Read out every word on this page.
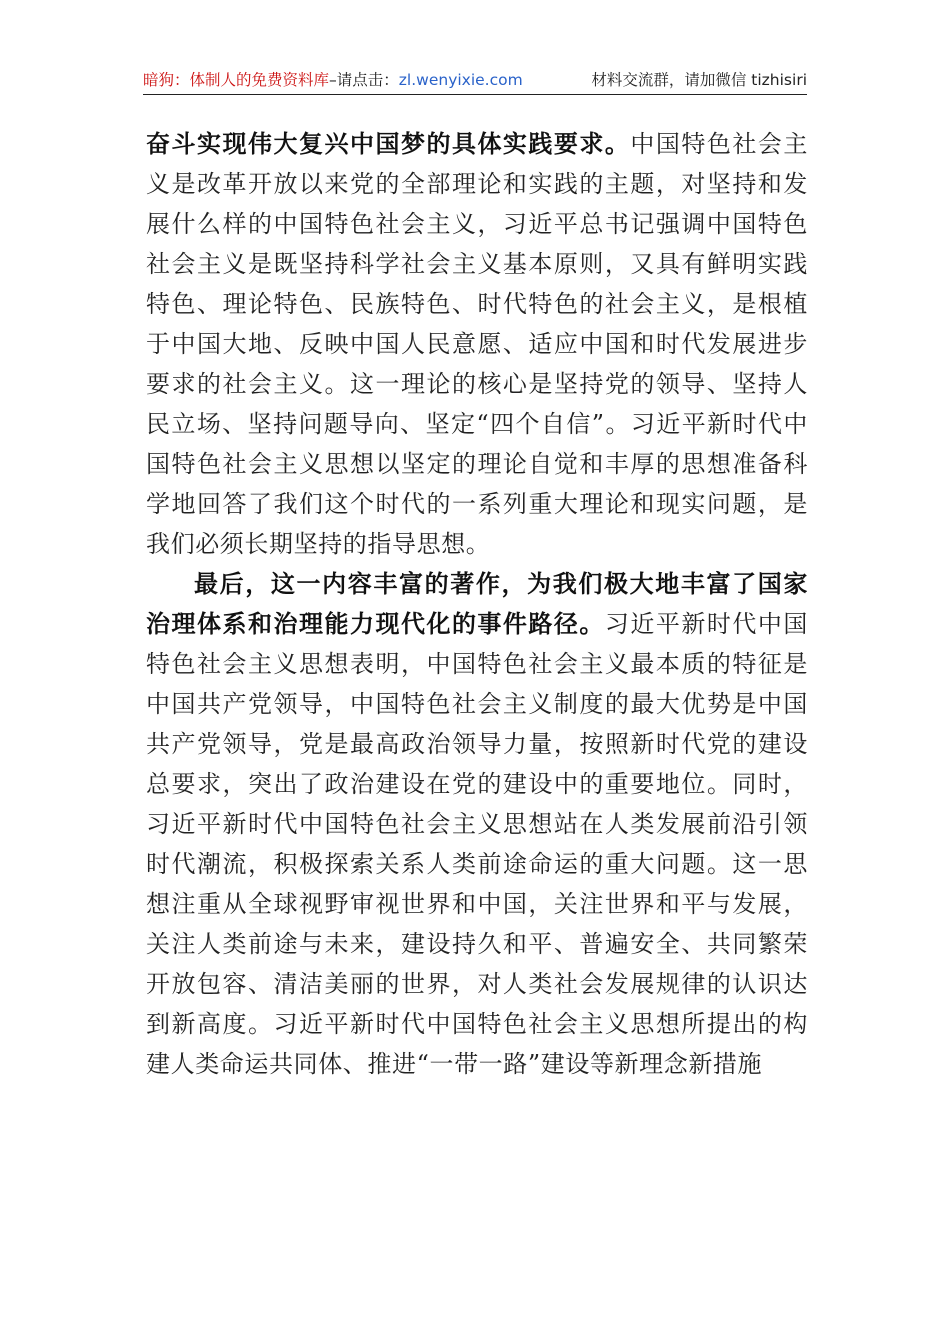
暗狗：体制人的免费资料库–请点击：zl.wenyixie.com	材料交流群，请加微信 tizhisiri

奋斗实现伟大复兴中国梦的具体实践要求。中国特色社会主义是改革开放以来党的全部理论和实践的主题，对坚持和发展什么样的中国特色社会主义，习近平总书记强调中国特色社会主义是既坚持科学社会主义基本原则，又具有鲜明实践特色、理论特色、民族特色、时代特色的社会主义，是根植于中国大地、反映中国人民意愿、适应中国和时代发展进步要求的社会主义。这一理论的核心是坚持党的领导、坚持人民立场、坚持问题导向、坚定“四个自信”。习近平新时代中国特色社会主义思想以坚定的理论自觉和丰厚的思想准备科学地回答了我们这个时代的一系列重大理论和现实问题，是我们必须长期坚持的指导思想。

最后，这一内容丰富的著作，为我们极大地丰富了国家治理体系和治理能力现代化的事件路径。习近平新时代中国特色社会主义思想表明，中国特色社会主义最本质的特征是中国共产党领导，中国特色社会主义制度的最大优势是中国共产党领导，党是最高政治领导力量，按照新时代党的建设总要求，突出了政治建设在党的建设中的重要地位。同时，习近平新时代中国特色社会主义思想站在人类发展前沿引领时代潮流，积极探索关系人类前途命运的重大问题。这一思想注重从全球视野审视世界和中国，关注世界和平与发展，关注人类前途与未来，建设持久和平、普遍安全、共同繁荣开放包容、清洁美丽的世界，对人类社会发展规律的认识达到新高度。习近平新时代中国特色社会主义思想所提出的构建人类命运共同体、推进“一带一路”建设等新理念新措施
